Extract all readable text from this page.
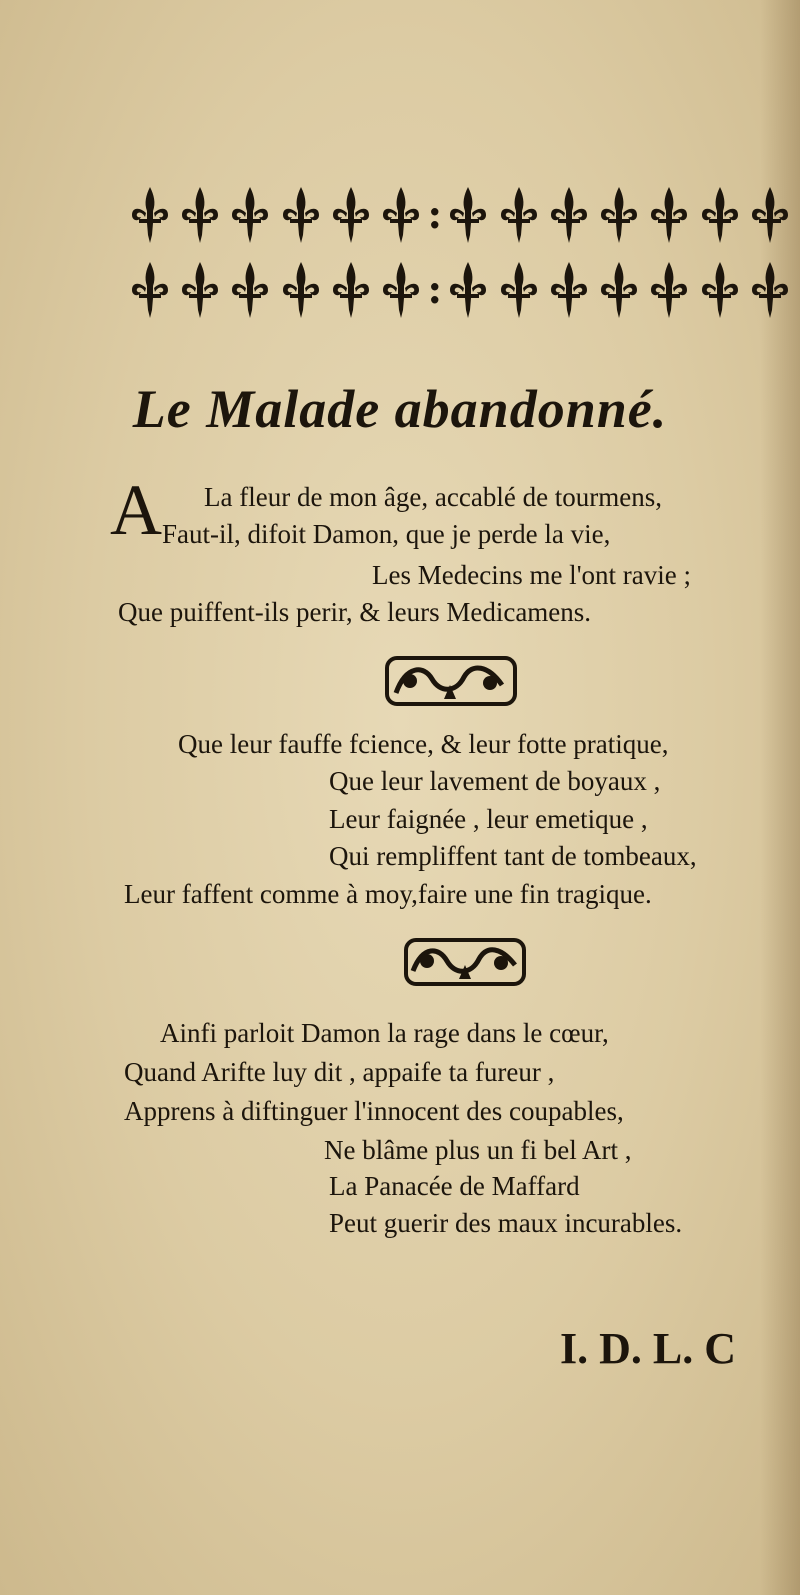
:
:
Le Malade abandonné.
A La fleur de mon âge, accablé de tourmens,
Faut-il, difoit Damon, que je perde la vie,
Les Medecins me l'ont ravie ;
Que puiffent-ils perir, & leurs Medicamens.
Que leur fauffe fcience, & leur fotte pratique,
Que leur lavement de boyaux ,
Leur faignée , leur emetique ,
Qui rempliffent tant de tombeaux,
Leur faffent comme à moy,faire une fin tragique.
Ainfi parloit Damon la rage dans le cœur,
Quand Arifte luy dit , appaife ta fureur ,
Apprens à diftinguer l'innocent des coupables,
Ne blâme plus un fi bel Art ,
La Panacée de Maffard
Peut guerir des maux incurables.
I. D. L. C
